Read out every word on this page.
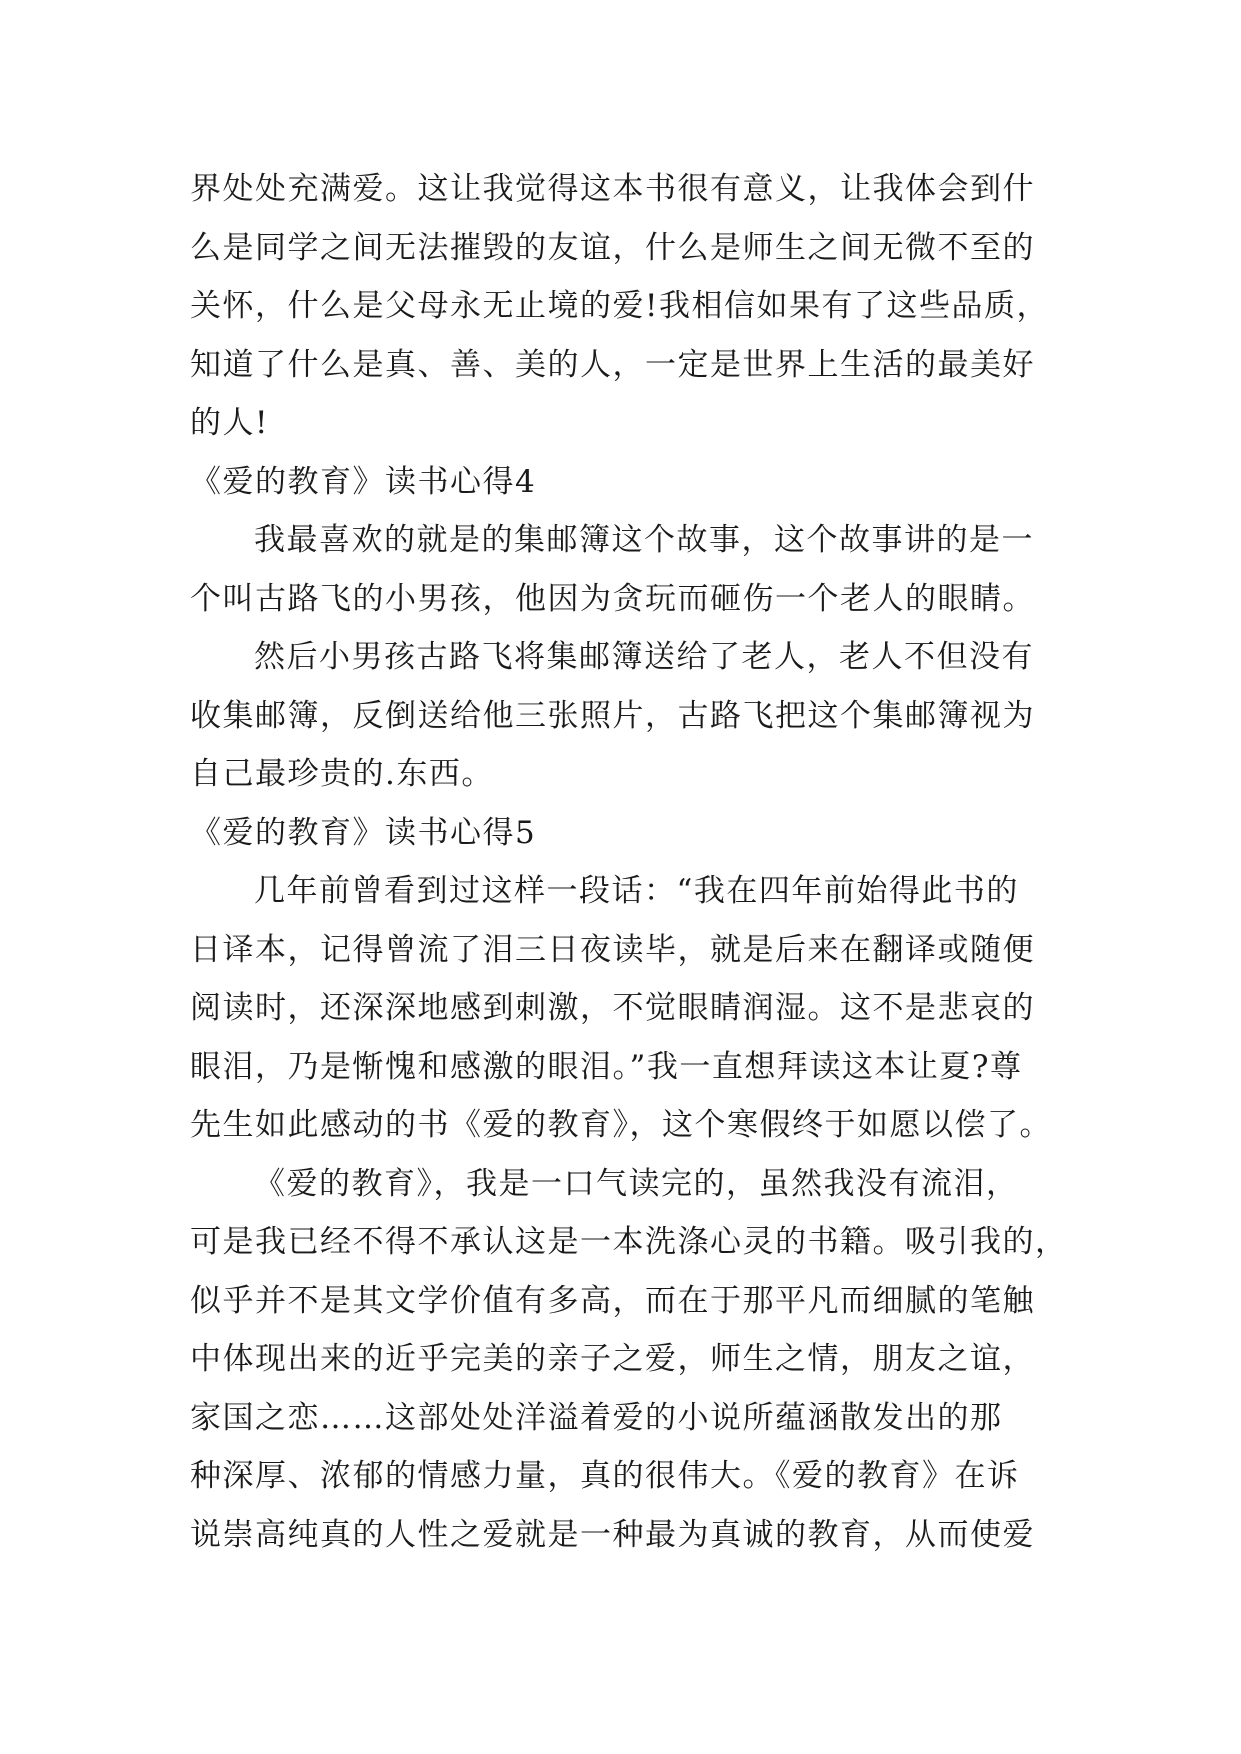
界处处充满爱。这让我觉得这本书很有意义，让我体会到什
么是同学之间无法摧毁的友谊，什么是师生之间无微不至的
关怀，什么是父母永无止境的爱!我相信如果有了这些品质，
知道了什么是真、善、美的人，一定是世界上生活的最美好
的人!
《爱的教育》读书心得4
我最喜欢的就是的集邮簿这个故事，这个故事讲的是一
个叫古路飞的小男孩，他因为贪玩而砸伤一个老人的眼睛。
然后小男孩古路飞将集邮簿送给了老人，老人不但没有
收集邮簿，反倒送给他三张照片，古路飞把这个集邮簿视为
自己最珍贵的.东西。
《爱的教育》读书心得5
几年前曾看到过这样一段话：“我在四年前始得此书的
日译本，记得曾流了泪三日夜读毕，就是后来在翻译或随便
阅读时，还深深地感到刺激，不觉眼睛润湿。这不是悲哀的
眼泪，乃是惭愧和感激的眼泪。”我一直想拜读这本让夏?尊
先生如此感动的书《爱的教育》，这个寒假终于如愿以偿了。
《爱的教育》，我是一口气读完的，虽然我没有流泪，
可是我已经不得不承认这是一本洗涤心灵的书籍。吸引我的，
似乎并不是其文学价值有多高，而在于那平凡而细腻的笔触
中体现出来的近乎完美的亲子之爱，师生之情，朋友之谊，
家国之恋……这部处处洋溢着爱的小说所蕴涵散发出的那
种深厚、浓郁的情感力量，真的很伟大。《爱的教育》在诉
说崇高纯真的人性之爱就是一种最为真诚的教育，从而使爱
